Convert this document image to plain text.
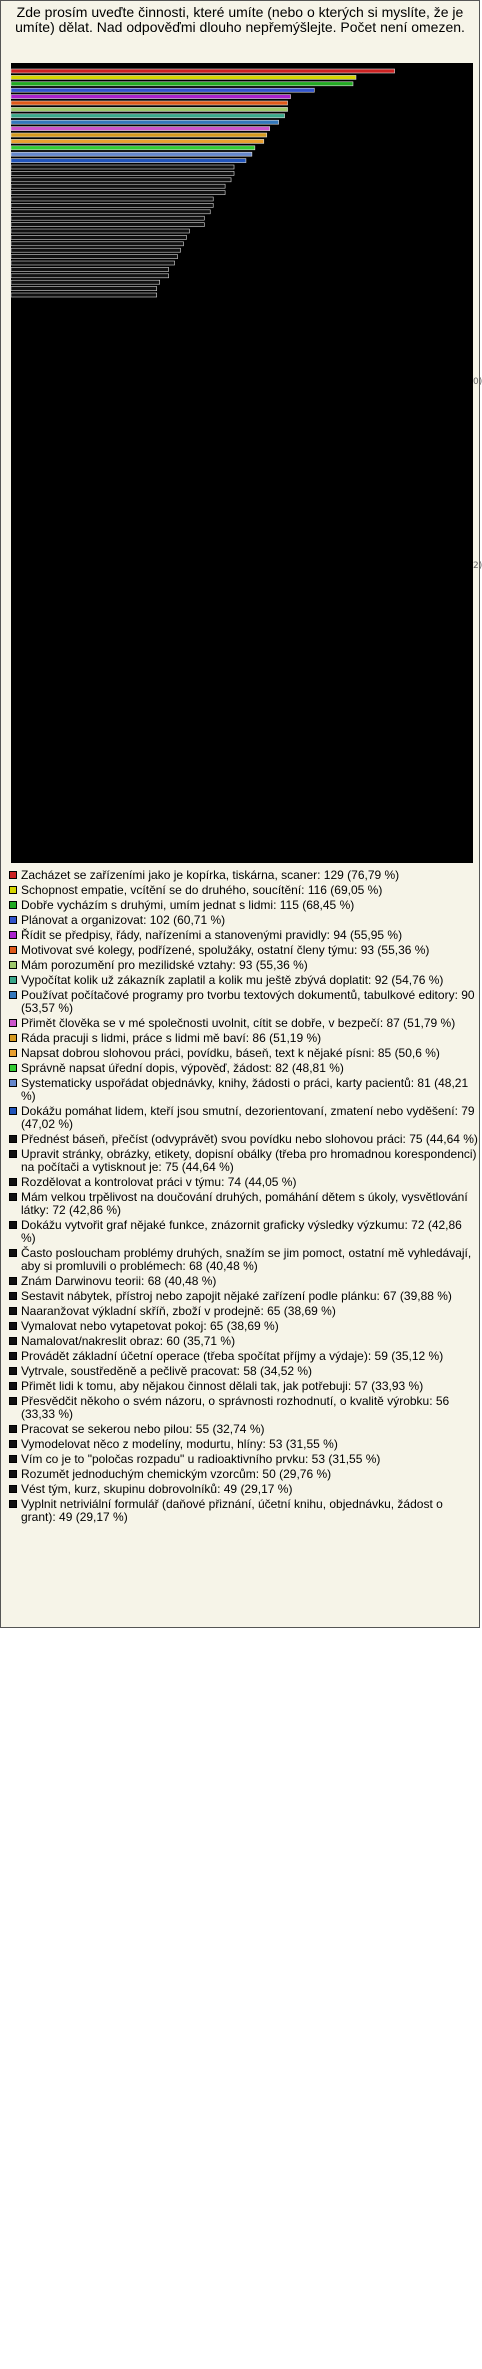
Zde prosím uveďte činnosti, které umíte (nebo o kterých si myslíte, že je umíte) dělat. Nad odpověďmi dlouho nepřemýšlejte. Počet není omezen.
0)
2)
Zacházet se zařízeními jako je kopírka, tiskárna, scaner: 129 (76,79 %)
Schopnost empatie, vcítění se do druhého, soucítění: 116 (69,05 %)
Dobře vycházím s druhými, umím jednat s lidmi: 115 (68,45 %)
Plánovat a organizovat: 102 (60,71 %)
Řídit se předpisy, řády, nařízeními a stanovenými pravidly: 94 (55,95 %)
Motivovat své kolegy, podřízené, spolužáky, ostatní členy týmu: 93 (55,36 %)
Mám porozumění pro mezilidské vztahy: 93 (55,36 %)
Vypočítat kolik už zákazník zaplatil a kolik mu ještě zbývá doplatit: 92 (54,76 %)
Používat počítačové programy pro tvorbu textových dokumentů, tabulkové editory: 90 (53,57 %)
Přimět člověka se v mé společnosti uvolnit, cítit se dobře, v bezpečí: 87 (51,79 %)
Ráda pracuji s lidmi, práce s lidmi mě baví: 86 (51,19 %)
Napsat dobrou slohovou práci, povídku, báseň, text k nějaké písni: 85 (50,6 %)
Správně napsat úřední dopis, výpověď, žádost: 82 (48,81 %)
Systematicky uspořádat objednávky, knihy, žádosti o práci, karty pacientů: 81 (48,21 %)
Dokážu pomáhat lidem, kteří jsou smutní, dezorientovaní, zmatení nebo vyděšení: 79 (47,02 %)
Přednést báseň, přečíst (odvyprávět) svou povídku nebo slohovou práci: 75 (44,64 %)
Upravit stránky, obrázky, etikety, dopisní obálky (třeba pro hromadnou korespondenci) na počítači a vytisknout je: 75 (44,64 %)
Rozdělovat a kontrolovat práci v týmu: 74 (44,05 %)
Mám velkou trpělivost na doučování druhých, pomáhání dětem s úkoly, vysvětlování látky: 72 (42,86 %)
Dokážu vytvořit graf nějaké funkce, znázornit graficky výsledky výzkumu: 72 (42,86 %)
Často posloucham problémy druhých, snažím se jim pomoct, ostatní mě vyhledávají, aby si promluvili o problémech: 68 (40,48 %)
Znám Darwinovu teorii: 68 (40,48 %)
Sestavit nábytek, přístroj nebo zapojit nějaké zařízení podle plánku: 67 (39,88 %)
Naaranžovat výkladní skříň, zboží v prodejně: 65 (38,69 %)
Vymalovat nebo vytapetovat pokoj: 65 (38,69 %)
Namalovat/nakreslit obraz: 60 (35,71 %)
Provádět základní účetní operace (třeba spočítat příjmy a výdaje): 59 (35,12 %)
Vytrvale, soustředěně a pečlivě pracovat: 58 (34,52 %)
Přimět lidi k tomu, aby nějakou činnost dělali tak, jak potřebuji: 57 (33,93 %)
Přesvědčit někoho o svém názoru, o správnosti rozhodnutí, o kvalitě výrobku: 56 (33,33 %)
Pracovat se sekerou nebo pilou: 55 (32,74 %)
Vymodelovat něco z modelíny, modurtu, hlíny: 53 (31,55 %)
Vím co je to "poločas rozpadu" u radioaktivního prvku: 53 (31,55 %)
Rozumět jednoduchým chemickým vzorcům: 50 (29,76 %)
Vést tým, kurz, skupinu dobrovolníků: 49 (29,17 %)
Vyplnit netriviální formulář (daňové přiznání, účetní knihu, objednávku, žádost o grant): 49 (29,17 %)
